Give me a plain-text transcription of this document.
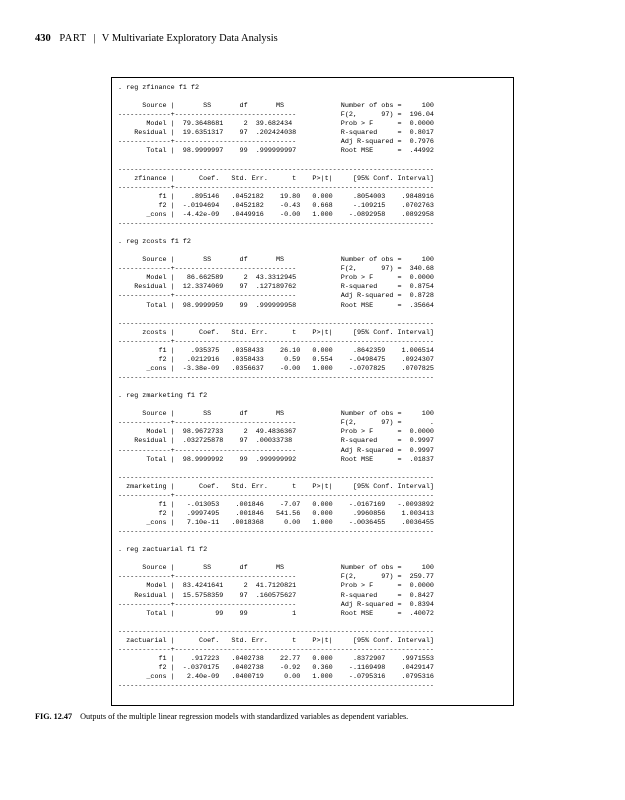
430 PART | V Multivariate Exploratory Data Analysis
. reg zfinance f1 f2

Source |       SS       df       MS              Number of obs =     100
-------------+------------------------------           F(2,      97) =  196.04
Model |  79.3648681     2  39.682434            Prob > F      =  0.0000
Residual |  19.6351317    97  .202424038           R-squared     =  0.8017
-------------+------------------------------           Adj R-squared =  0.7976
Total |  98.9999997    99  .999999997           Root MSE      =  .44992

------------------------------------------------------------------------------
zfinance |      Coef.   Std. Err.      t    P>|t|     [95% Conf. Interval]
-------------+----------------------------------------------------------------
f1 |    .895146   .0452182    19.80   0.000     .8054003    .9848916
f2 |  -.0194694   .0452182    -0.43   0.668     -.109215    .0702763
_cons |  -4.42e-09   .0449916    -0.00   1.000    -.0892958    .0892958
------------------------------------------------------------------------------

. reg zcosts f1 f2

Source |       SS       df       MS              Number of obs =     100
-------------+------------------------------           F(2,      97) =  340.68
Model |   86.662589     2  43.3312945           Prob > F      =  0.0000
Residual |  12.3374069    97  .127189762           R-squared     =  0.8754
-------------+------------------------------           Adj R-squared =  0.8728
Total |  98.9999959    99  .999999958           Root MSE      =  .35664

------------------------------------------------------------------------------
zcosts |      Coef.   Std. Err.      t    P>|t|     [95% Conf. Interval]
-------------+----------------------------------------------------------------
f1 |    .935375   .0358433    26.10   0.000     .8642359    1.006514
f2 |   .0212916   .0358433     0.59   0.554    -.0498475    .0924307
_cons |  -3.38e-09   .0356637    -0.00   1.000    -.0707825    .0707825
------------------------------------------------------------------------------

. reg zmarketing f1 f2

Source |       SS       df       MS              Number of obs =     100
-------------+------------------------------           F(2,      97) =       .
Model |  98.9672733     2  49.4836367           Prob > F      =  0.0000
Residual |  .032725878    97  .00033738            R-squared     =  0.9997
-------------+------------------------------           Adj R-squared =  0.9997
Total |  98.9999992    99  .999999992           Root MSE      =  .01837

------------------------------------------------------------------------------
zmarketing |      Coef.   Std. Err.      t    P>|t|     [95% Conf. Interval]
-------------+----------------------------------------------------------------
f1 |   -.013053    .001846    -7.07   0.000    -.0167169   -.0093892
f2 |   .9997495    .001846   541.56   0.000     .9960856    1.003413
_cons |   7.10e-11   .0018368     0.00   1.000    -.0036455    .0036455
------------------------------------------------------------------------------

. reg zactuarial f1 f2

Source |       SS       df       MS              Number of obs =     100
-------------+------------------------------           F(2,      97) =  259.77
Model |  83.4241641     2  41.7120821           Prob > F      =  0.0000
Residual |  15.5758359    97  .160575627           R-squared     =  0.8427
-------------+------------------------------           Adj R-squared =  0.8394
Total |          99    99           1           Root MSE      =  .40072

------------------------------------------------------------------------------
zactuarial |      Coef.   Std. Err.      t    P>|t|     [95% Conf. Interval]
-------------+----------------------------------------------------------------
f1 |    .917223   .0402738    22.77   0.000     .8372907    .9971553
f2 |  -.0370175   .0402738    -0.92   0.360    -.1169498    .0429147
_cons |   2.40e-09   .0400719     0.00   1.000    -.0795316    .0795316
------------------------------------------------------------------------------
FIG. 12.47 Outputs of the multiple linear regression models with standardized variables as dependent variables.
